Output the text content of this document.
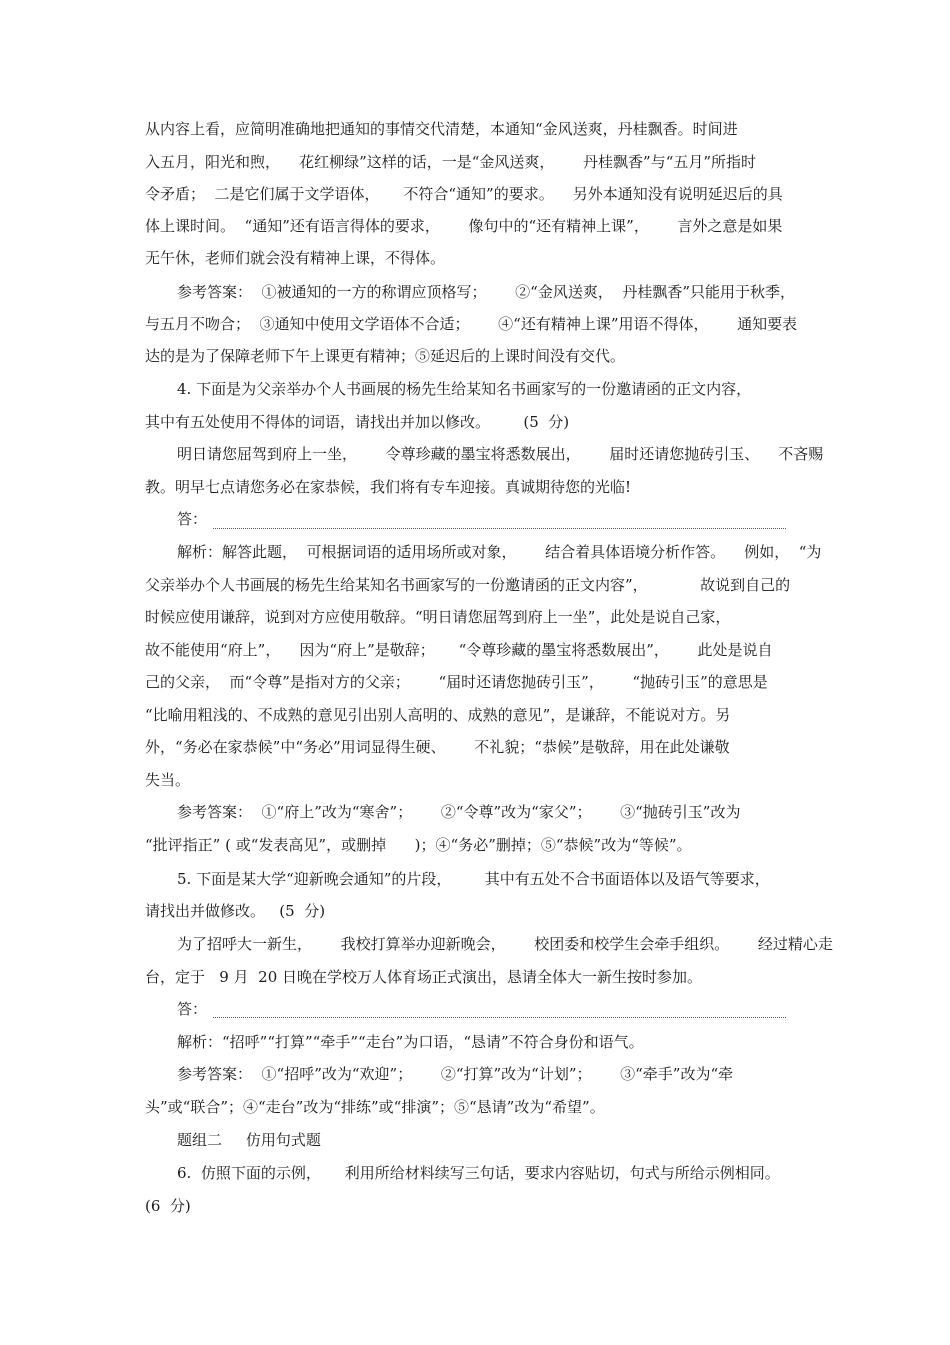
从内容上看，应简明准确地把通知的事情交代清楚，本通知“金风送爽，丹桂飘香。时间进
入五月，阳光和煦，    花红柳绿”这样的话，一是“金风送爽，      丹桂飘香”与“五月”所指时
令矛盾；  二是它们属于文学语体，     不符合“通知”的要求。    另外本通知没有说明延迟后的具
体上课时间。  “通知”还有语言得体的要求，      像句中的“还有精神上课”，      言外之意是如果
无午休，老师们就会没有精神上课，不得体。
参考答案：  ①被通知的一方的称谓应顶格写；      ②“金风送爽，  丹桂飘香”只能用于秋季，
与五月不吻合；  ③通知中使用文学语体不合适；      ④“还有精神上课”用语不得体，      通知要表
达的是为了保障老师下午上课更有精神；⑤延迟后的上课时间没有交代。
4. 下面是为父亲举办个人书画展的杨先生给某知名书画家写的一份邀请函的正文内容，
其中有五处使用不得体的词语，请找出并加以修改。       (5  分)
明日请您屈驾到府上一坐，      令尊珍藏的墨宝将悉数展出，      届时还请您抛砖引玉、    不吝赐
教。明早七点请您务必在家恭候，我们将有专车迎接。真诚期待您的光临!
答：
解析：解答此题，  可根据词语的适用场所或对象，      结合着具体语境分析作答。    例如，  “为
父亲举办个人书画展的杨先生给某知名书画家写的一份邀请函的正文内容”，           故说到自己的
时候应使用谦辞，说到对方应使用敬辞。“明日请您屈驾到府上一坐”，此处是说自己家，
故不能使用“府上”，    因为“府上”是敬辞；     “令尊珍藏的墨宝将悉数展出”，      此处是说自
己的父亲，  而“令尊”是指对方的父亲；      “届时还请您抛砖引玉”，      “抛砖引玉”的意思是
“比喻用粗浅的、不成熟的意见引出别人高明的、成熟的意见”，是谦辞，不能说对方。另
外，“务必在家恭候”中“务必”用词显得生硬、      不礼貌；“恭候”是敬辞，用在此处谦敬
失当。
参考答案：  ①“府上”改为“寒舍”；      ②“令尊”改为“家父”；      ③“抛砖引玉”改为
“批评指正” ( 或“发表高见”，或删掉      )；④“务必”删掉；⑤“恭候”改为“等候”。
5. 下面是某大学“迎新晚会通知”的片段，       其中有五处不合书面语体以及语气等要求，
请找出并做修改。   (5  分)
为了招呼大一新生，      我校打算举办迎新晚会，      校团委和校学生会牵手组织。      经过精心走
台，定于   9 月  20 日晚在学校万人体育场正式演出，恳请全体大一新生按时参加。
答：
解析：“招呼”“打算”“牵手”“走台”为口语，“恳请”不符合身份和语气。
参考答案：  ①“招呼”改为“欢迎”；      ②“打算”改为“计划”；      ③“牵手”改为“牵
头”或“联合”；④“走台”改为“排练”或“排演”；⑤“恳请”改为“希望”。
题组二     仿用句式题
6.  仿照下面的示例，     利用所给材料续写三句话，要求内容贴切，句式与所给示例相同。
(6  分)
